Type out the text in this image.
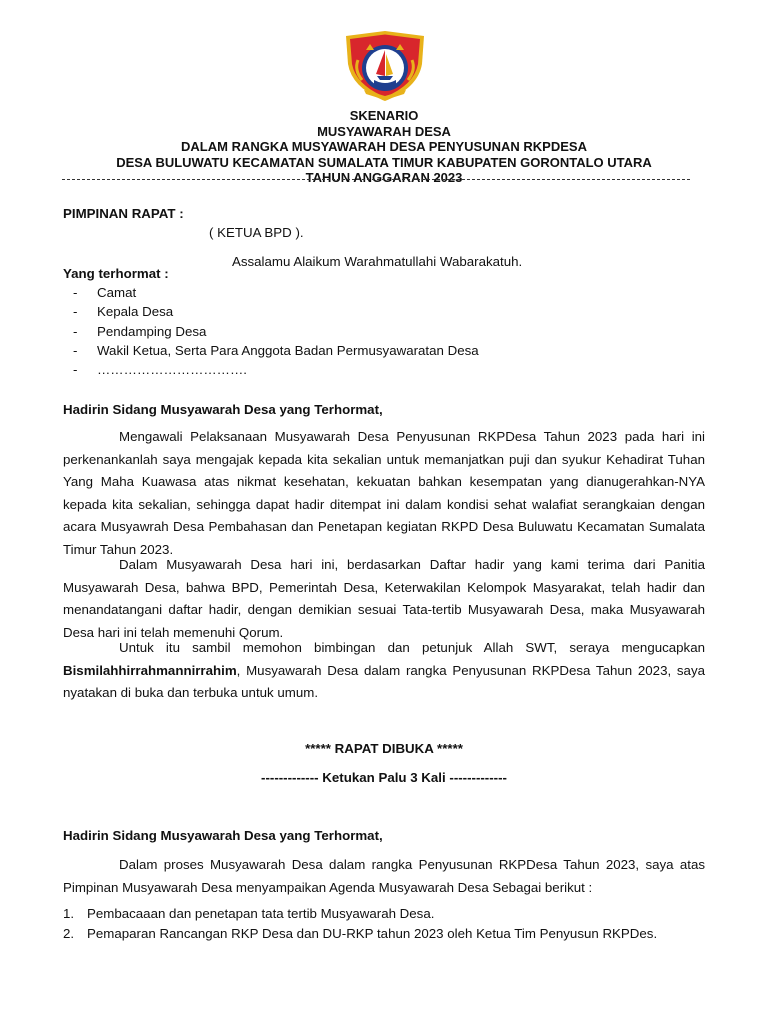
SKENARIO
MUSYAWARAH DESA
DALAM RANGKA MUSYAWARAH DESA PENYUSUNAN RKPDESA
DESA BULUWATU KECAMATAN SUMALATA TIMUR KABUPATEN GORONTALO UTARA
TAHUN ANGGARAN 2023
PIMPINAN RAPAT :
( KETUA BPD ).
Assalamu Alaikum Warahmatullahi Wabarakatuh.
Yang terhormat :
- Camat
- Kepala Desa
- Pendamping Desa
- Wakil Ketua, Serta Para Anggota Badan Permusyawaratan Desa
- …………………………….
Hadirin Sidang Musyawarah Desa yang Terhormat,
Mengawali Pelaksanaan Musyawarah Desa Penyusunan RKPDesa Tahun 2023 pada hari ini perkenankanlah saya mengajak kepada kita sekalian untuk memanjatkan puji dan syukur Kehadirat Tuhan Yang Maha Kuawasa atas nikmat kesehatan, kekuatan bahkan kesempatan yang dianugerahkan-NYA kepada kita sekalian, sehingga dapat hadir ditempat ini dalam kondisi sehat walafiat serangkaian dengan acara Musyawrah Desa Pembahasan dan Penetapan kegiatan RKPD Desa Buluwatu Kecamatan Sumalata Timur Tahun 2023.
Dalam Musyawarah Desa hari ini, berdasarkan Daftar hadir yang kami terima dari Panitia Musyawarah Desa, bahwa BPD, Pemerintah Desa, Keterwakilan Kelompok Masyarakat, telah hadir dan menandatangani daftar hadir, dengan demikian sesuai Tata-tertib Musyawarah Desa, maka Musyawarah Desa hari ini telah memenuhi Qorum.
Untuk itu sambil memohon bimbingan dan petunjuk Allah SWT, seraya mengucapkan Bismilahhirrahmannirrahim, Musyawarah Desa dalam rangka Penyusunan RKPDesa Tahun 2023, saya nyatakan di buka dan terbuka untuk umum.
***** RAPAT DIBUKA *****
------------- Ketukan Palu 3 Kali -------------
Hadirin Sidang Musyawarah Desa yang Terhormat,
Dalam proses Musyawarah Desa dalam rangka Penyusunan RKPDesa Tahun 2023, saya atas Pimpinan Musyawarah Desa menyampaikan Agenda Musyawarah Desa Sebagai berikut :
1. Pembacaaan dan penetapan tata tertib Musyawarah Desa.
2. Pemaparan Rancangan RKP Desa dan DU-RKP tahun 2023 oleh Ketua Tim Penyusun RKPDes.
